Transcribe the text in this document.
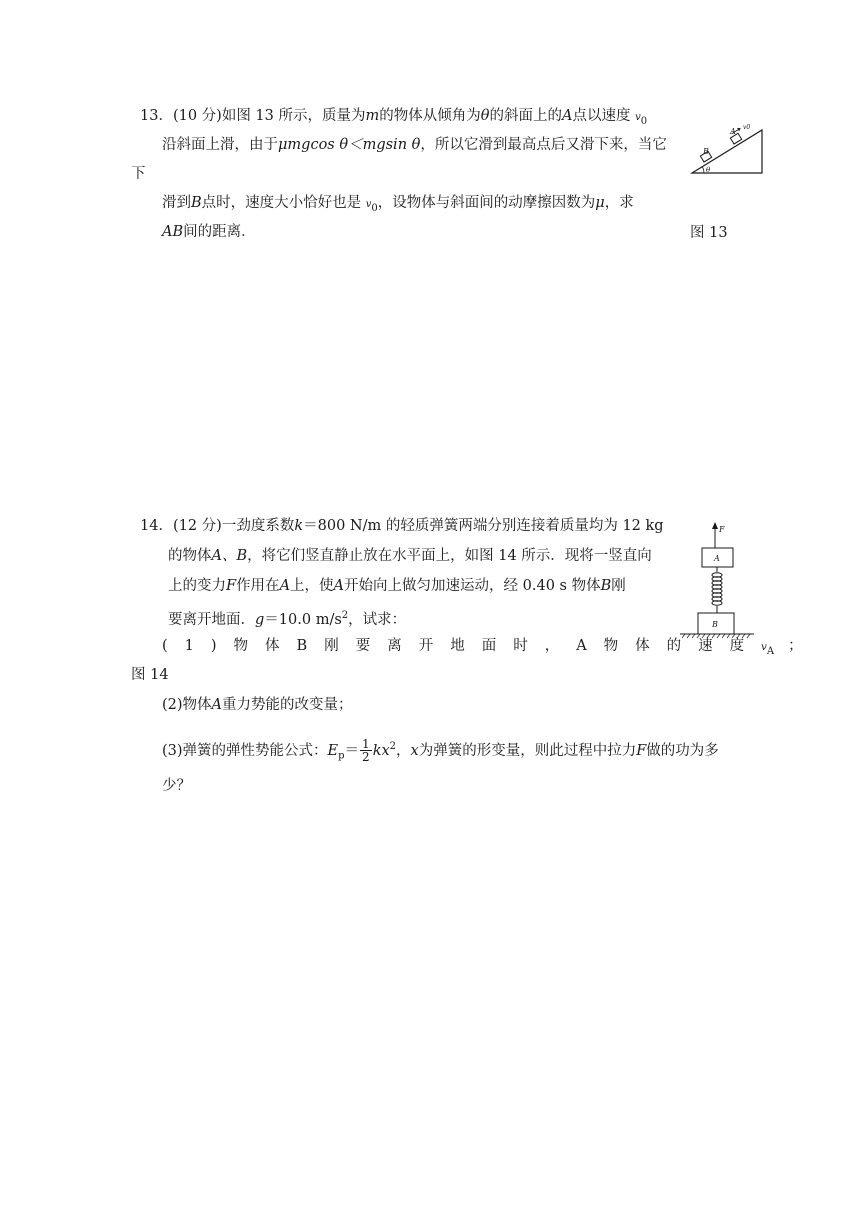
13．(10 分)如图 13 所示，质量为m的物体从倾角为θ的斜面上的A点以速度 $v_0$
沿斜面上滑，由于μmgcos θ＜mgsin θ，所以它滑到最高点后又滑下来，当它
下
滑到B点时，速度大小恰好也是 $v_0$，设物体与斜面间的动摩擦因数为μ，求
AB间的距离．	图 13
B
A v0
θ
14．(12 分)一劲度系数k＝800 N/m 的轻质弹簧两端分别连接着质量均为 12 kg
的物体A、B，将它们竖直静止放在水平面上，如图 14 所示．现将一竖直向
上的变力F作用在A上，使A开始向上做匀加速运动，经 0.40 s 物体B刚
要离开地面．g＝10.0 $m/s^2$，试求：
(1)物体B刚要离开地面时，A物体的速度$v_A$ ；
图 14
(2)物体A重力势能的改变量；
(3)弹簧的弹性势能公式：$E_p= \frac{1}{2} kx^2$，x为弹簧的形变量，则此过程中拉力F做的功为多
少？
F
A
B
